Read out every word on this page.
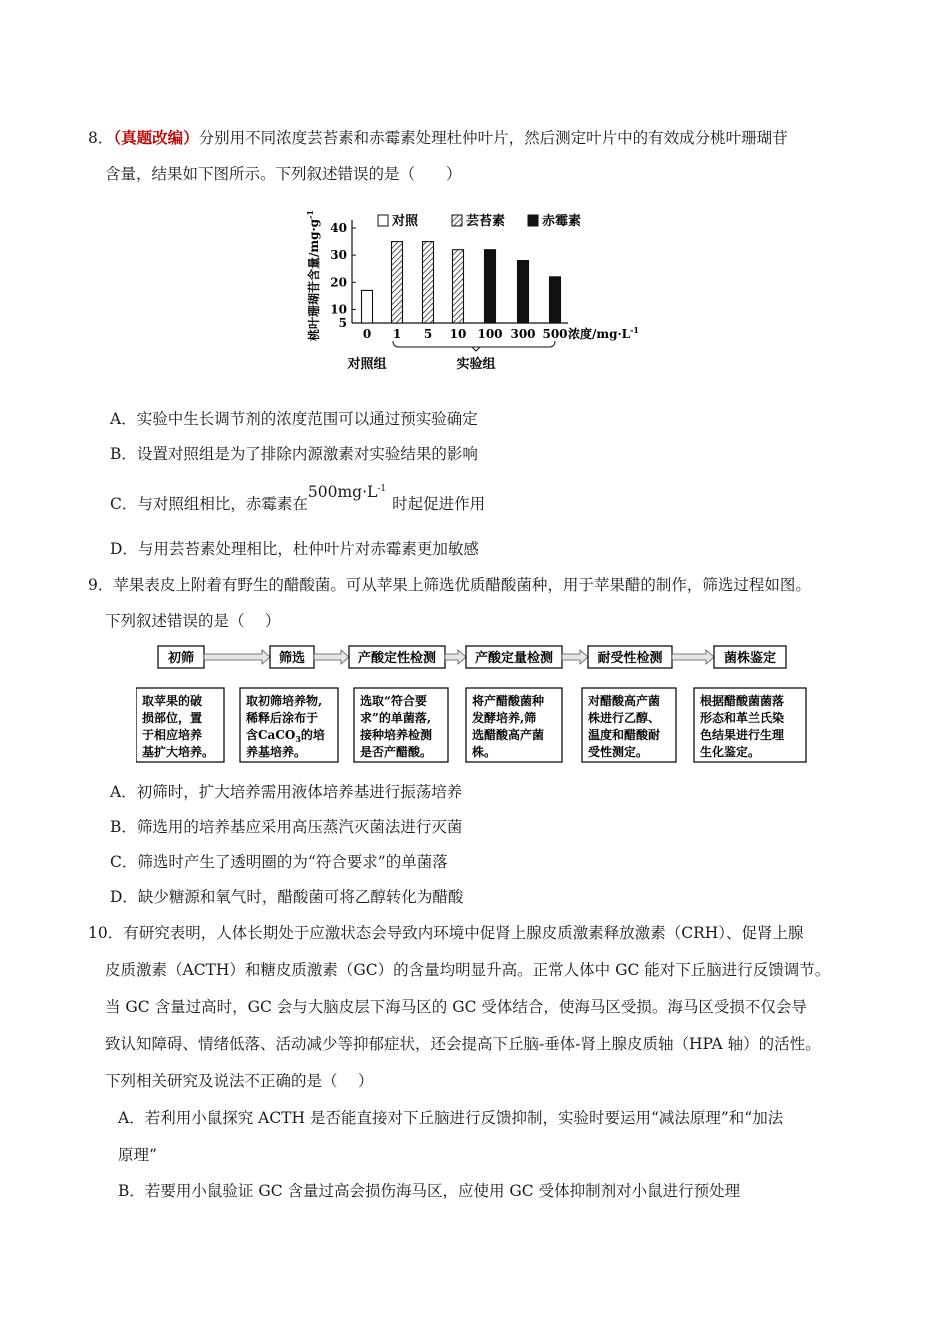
8．（真题改编）分别用不同浓度芸苔素和赤霉素处理杜仲叶片，然后测定叶片中的有效成分桃叶珊瑚苷
含量，结果如下图所示。下列叙述错误的是（　　）
5
10
20
30
40
桃叶珊瑚苷含量$/mg\cdot g^{-1}$
0 1 5 10 100 300 500 浓度$/mg\cdot L^{-1}$
对照	芸苔素	赤霉素
对照组	实验组
A．实验中生长调节剂的浓度范围可以通过预实验确定
B．设置对照组是为了排除内源激素对实验结果的影响
C．与对照组相比，赤霉素在$500mg\cdot L^{-1}$时起促进作用
D．与用芸苔素处理相比，杜仲叶片对赤霉素更加敏感
9．苹果表皮上附着有野生的醋酸菌。可从苹果上筛选优质醋酸菌种，用于苹果醋的制作，筛选过程如图。
下列叙述错误的是（　 ）
初筛	筛选	产酸定性检测	产酸定量检测	耐受性检测	菌株鉴定
取苹果的破
损部位，置
于相应培养
基扩大培养。
取初筛培养物,
稀释后涂布于
含CaCO$_3$的培
养基培养。
选取“符合要
求”的单菌落,
接种培养检测
是否产醋酸。
将产醋酸菌种
发酵培养,筛
选醋酸高产菌
株。
对醋酸高产菌
株进行乙醇、
温度和醋酸耐
受性测定。
根据醋酸菌菌落
形态和革兰氏染
色结果进行生理
生化鉴定。
A．初筛时，扩大培养需用液体培养基进行振荡培养
B．筛选用的培养基应采用高压蒸汽灭菌法进行灭菌
C．筛选时产生了透明圈的为“符合要求”的单菌落
D．缺少糖源和氧气时，醋酸菌可将乙醇转化为醋酸
10．有研究表明，人体长期处于应激状态会导致内环境中促肾上腺皮质激素释放激素（CRH）、促肾上腺
皮质激素（ACTH）和糖皮质激素（GC）的含量均明显升高。正常人体中 GC 能对下丘脑进行反馈调节。
当 GC 含量过高时，GC 会与大脑皮层下海马区的 GC 受体结合，使海马区受损。海马区受损不仅会导
致认知障碍、情绪低落、活动减少等抑郁症状，还会提高下丘脑-垂体-肾上腺皮质轴（HPA 轴）的活性。
下列相关研究及说法不正确的是（　 ）
A．若利用小鼠探究 ACTH 是否能直接对下丘脑进行反馈抑制，实验时要运用“减法原理”和“加法
原理”
B．若要用小鼠验证 GC 含量过高会损伤海马区，应使用 GC 受体抑制剂对小鼠进行预处理
